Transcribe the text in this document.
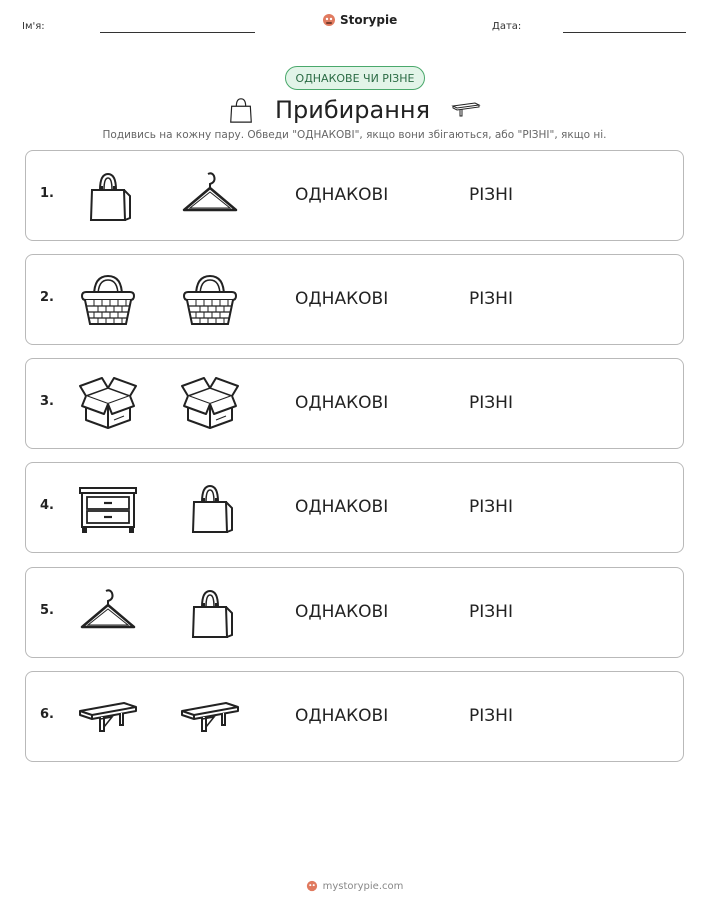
Ім'я:	Storypie	Дата:
ОДНАКОВЕ ЧИ РІЗНЕ
Прибирання
Подивись на кожну пару. Обведи "ОДНАКОВІ", якщо вони збігаються, або "РІЗНІ", якщо ні.
1.	ОДНАКОВІ	РІЗНІ
2.	ОДНАКОВІ	РІЗНІ
3.	ОДНАКОВІ	РІЗНІ
4.	ОДНАКОВІ	РІЗНІ
5.	ОДНАКОВІ	РІЗНІ
6.	ОДНАКОВІ	РІЗНІ
mystorypie.com
